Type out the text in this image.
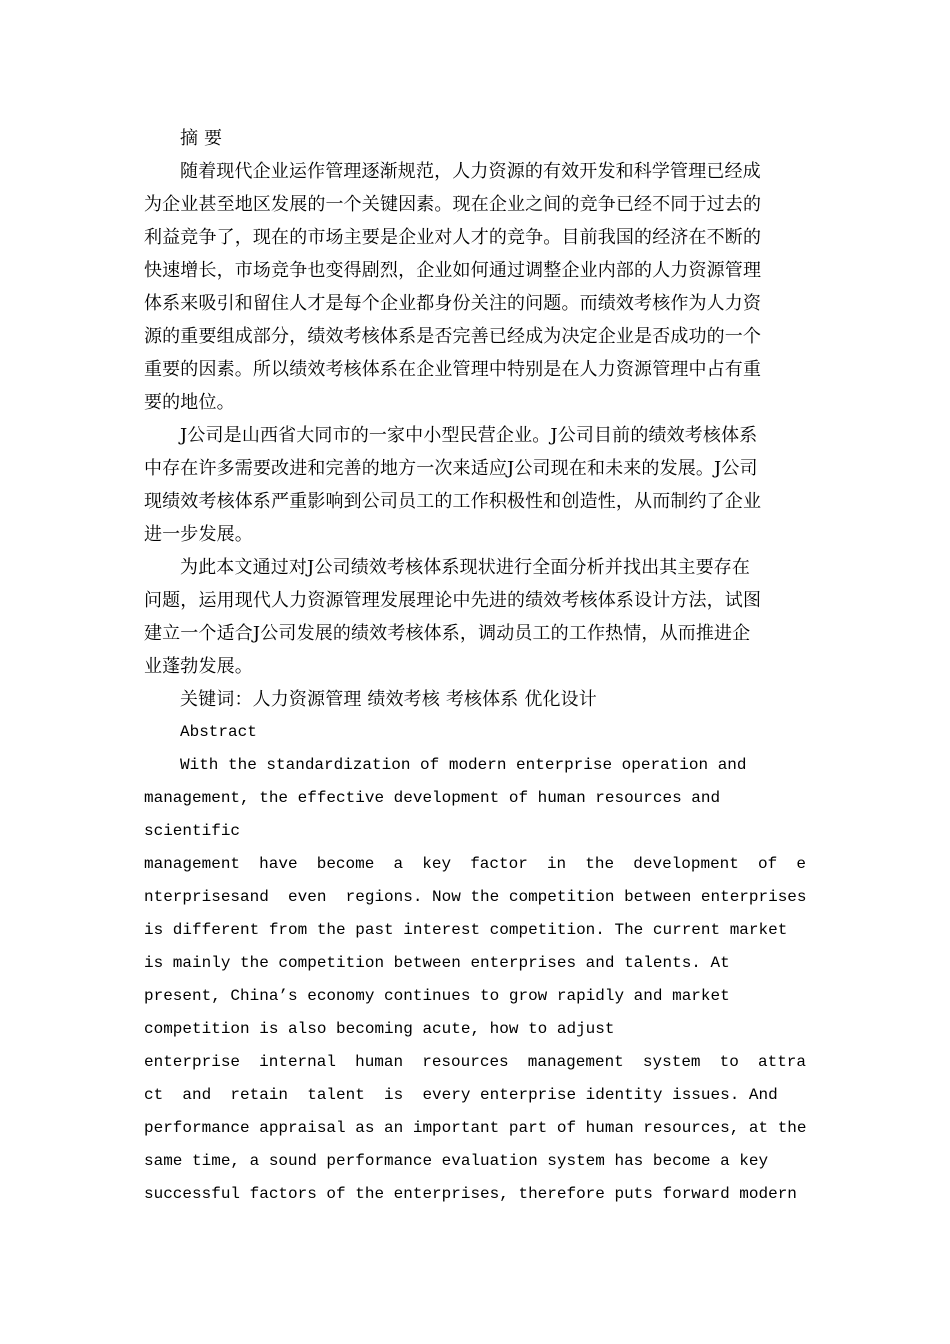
摘 要
随着现代企业运作管理逐渐规范，人力资源的有效开发和科学管理已经成
为企业甚至地区发展的一个关键因素。现在企业之间的竞争已经不同于过去的
利益竞争了，现在的市场主要是企业对人才的竞争。目前我国的经济在不断的
快速增长，市场竞争也变得剧烈，企业如何通过调整企业内部的人力资源管理
体系来吸引和留住人才是每个企业都身份关注的问题。而绩效考核作为人力资
源的重要组成部分，绩效考核体系是否完善已经成为决定企业是否成功的一个
重要的因素。所以绩效考核体系在企业管理中特别是在人力资源管理中占有重
要的地位。
J公司是山西省大同市的一家中小型民营企业。J公司目前的绩效考核体系
中存在许多需要改进和完善的地方一次来适应J公司现在和未来的发展。J公司
现绩效考核体系严重影响到公司员工的工作积极性和创造性，从而制约了企业
进一步发展。
为此本文通过对J公司绩效考核体系现状进行全面分析并找出其主要存在
问题，运用现代人力资源管理发展理论中先进的绩效考核体系设计方法，试图
建立一个适合J公司发展的绩效考核体系，调动员工的工作热情，从而推进企
业蓬勃发展。
关键词：人力资源管理 绩效考核 考核体系 优化设计
Abstract
With the standardization of modern enterprise operation and
management, the effective development of human resources and
scientific
management have become a key factor in the development of e
nterprisesand  even  regions. Now the competition between enterprises
is different from the past interest competition. The current market
is mainly the competition between enterprises and talents. At
present, China’s economy continues to grow rapidly and market
competition is also becoming acute, how to adjust
enterprise internal human resources management system to attra
ct  and  retain  talent  is  every enterprise identity issues. And
performance appraisal as an important part of human resources, at the
same time, a sound performance evaluation system has become a key
successful factors of the enterprises, therefore puts forward modern
